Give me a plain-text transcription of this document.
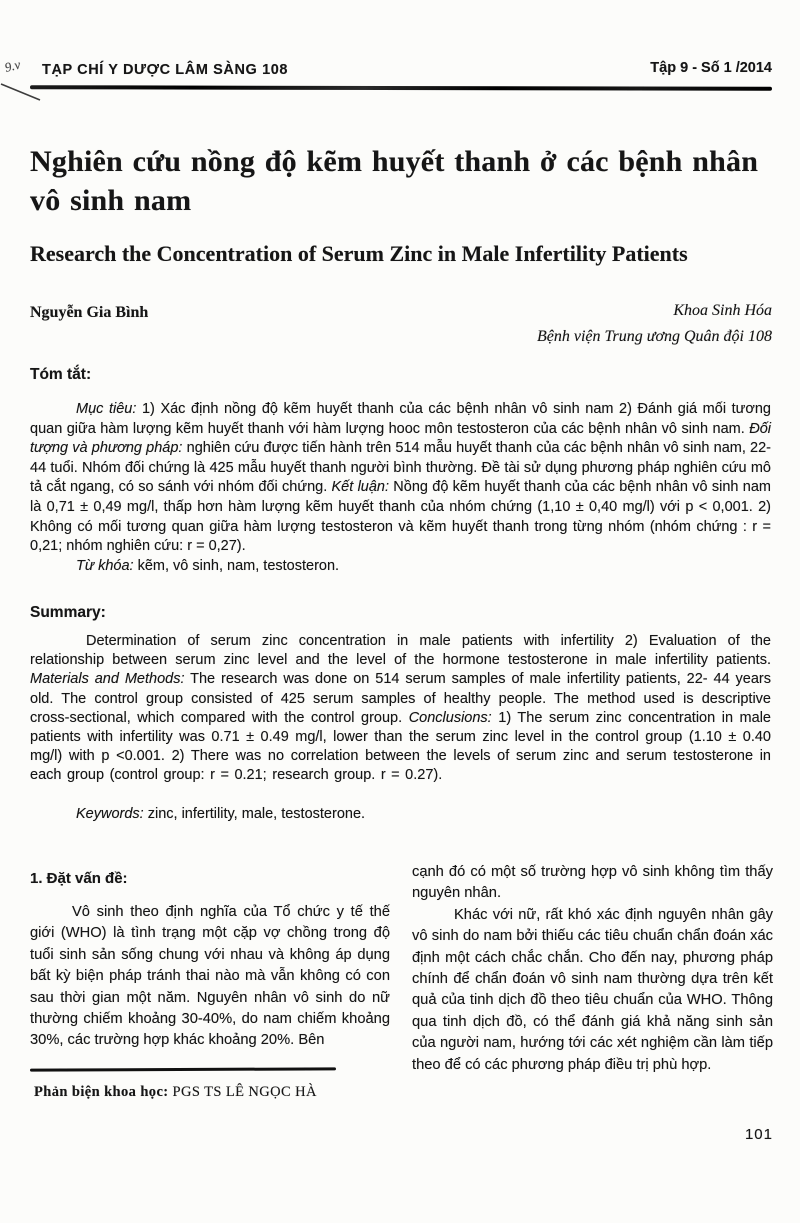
9.v TẠP CHÍ Y DƯỢC LÂM SÀNG 108	Tập 9 - Số 1 /2014
Nghiên cứu nồng độ kẽm huyết thanh ở các bệnh nhân vô sinh nam
Research the Concentration of Serum Zinc in Male Infertility Patients
Nguyễn Gia Bình	Khoa Sinh Hóa
Bệnh viện Trung ương Quân đội 108
Tóm tắt:

Mục tiêu: 1) Xác định nồng độ kẽm huyết thanh của các bệnh nhân vô sinh nam 2) Đánh giá mối tương quan giữa hàm lượng kẽm huyết thanh với hàm lượng hooc môn testosteron của các bệnh nhân vô sinh nam. Đối tượng và phương pháp: nghiên cứu được tiến hành trên 514 mẫu huyết thanh của các bệnh nhân vô sinh nam, 22- 44 tuổi. Nhóm đối chứng là 425 mẫu huyết thanh người bình thường. Đề tài sử dụng phương pháp nghiên cứu mô tả cắt ngang, có so sánh với nhóm đối chứng. Kết luận: Nồng độ kẽm huyết thanh của các bệnh nhân vô sinh nam là 0,71 ± 0,49 mg/l, thấp hơn hàm lượng kẽm huyết thanh của nhóm chứng (1,10 ± 0,40 mg/l) với p < 0,001. 2) Không có mối tương quan giữa hàm lượng testosteron và kẽm huyết thanh trong từng nhóm (nhóm chứng : r = 0,21; nhóm nghiên cứu: r = 0,27).

Từ khóa: kẽm, vô sinh, nam, testosteron.

Summary:

Determination of serum zinc concentration in male patients with infertility 2) Evaluation of the relationship between serum zinc level and the level of the hormone testosterone in male infertility patients. Materials and Methods: The research was done on 514 serum samples of male infertility patients, 22- 44 years old. The control group consisted of 425 serum samples of healthy people. The method used is descriptive cross-sectional, which compared with the control group. Conclusions: 1) The serum zinc concentration in male patients with infertility was 0.71 ± 0.49 mg/l, lower than the serum zinc level in the control group (1.10 ± 0.40 mg/l) with p <0.001. 2) There was no correlation between the levels of serum zinc and serum testosterone in each group (control group: r = 0.21; research group. r = 0.27).

Keywords: zinc, infertility, male, testosterone.

1. Đặt vấn đề:

Vô sinh theo định nghĩa của Tổ chức y tế thế giới (WHO) là tình trạng một cặp vợ chồng trong độ tuổi sinh sản sống chung với nhau và không áp dụng bất kỳ biện pháp tránh thai nào mà vẫn không có con sau thời gian một năm. Nguyên nhân vô sinh do nữ thường chiếm khoảng 30-40%, do nam chiếm khoảng 30%, các trường hợp khác khoảng 20%. Bên

cạnh đó có một số trường hợp vô sinh không tìm thấy nguyên nhân.

Khác với nữ, rất khó xác định nguyên nhân gây vô sinh do nam bởi thiếu các tiêu chuẩn chẩn đoán xác định một cách chắc chắn. Cho đến nay, phương pháp chính để chẩn đoán vô sinh nam thường dựa trên kết quả của tinh dịch đồ theo tiêu chuẩn của WHO. Thông qua tinh dịch đồ, có thể đánh giá khả năng sinh sản của người nam, hướng tới các xét nghiệm cần làm tiếp theo để có các phương pháp điều trị phù hợp.

Phản biện khoa học: PGS TS LÊ NGỌC HÀ
101
